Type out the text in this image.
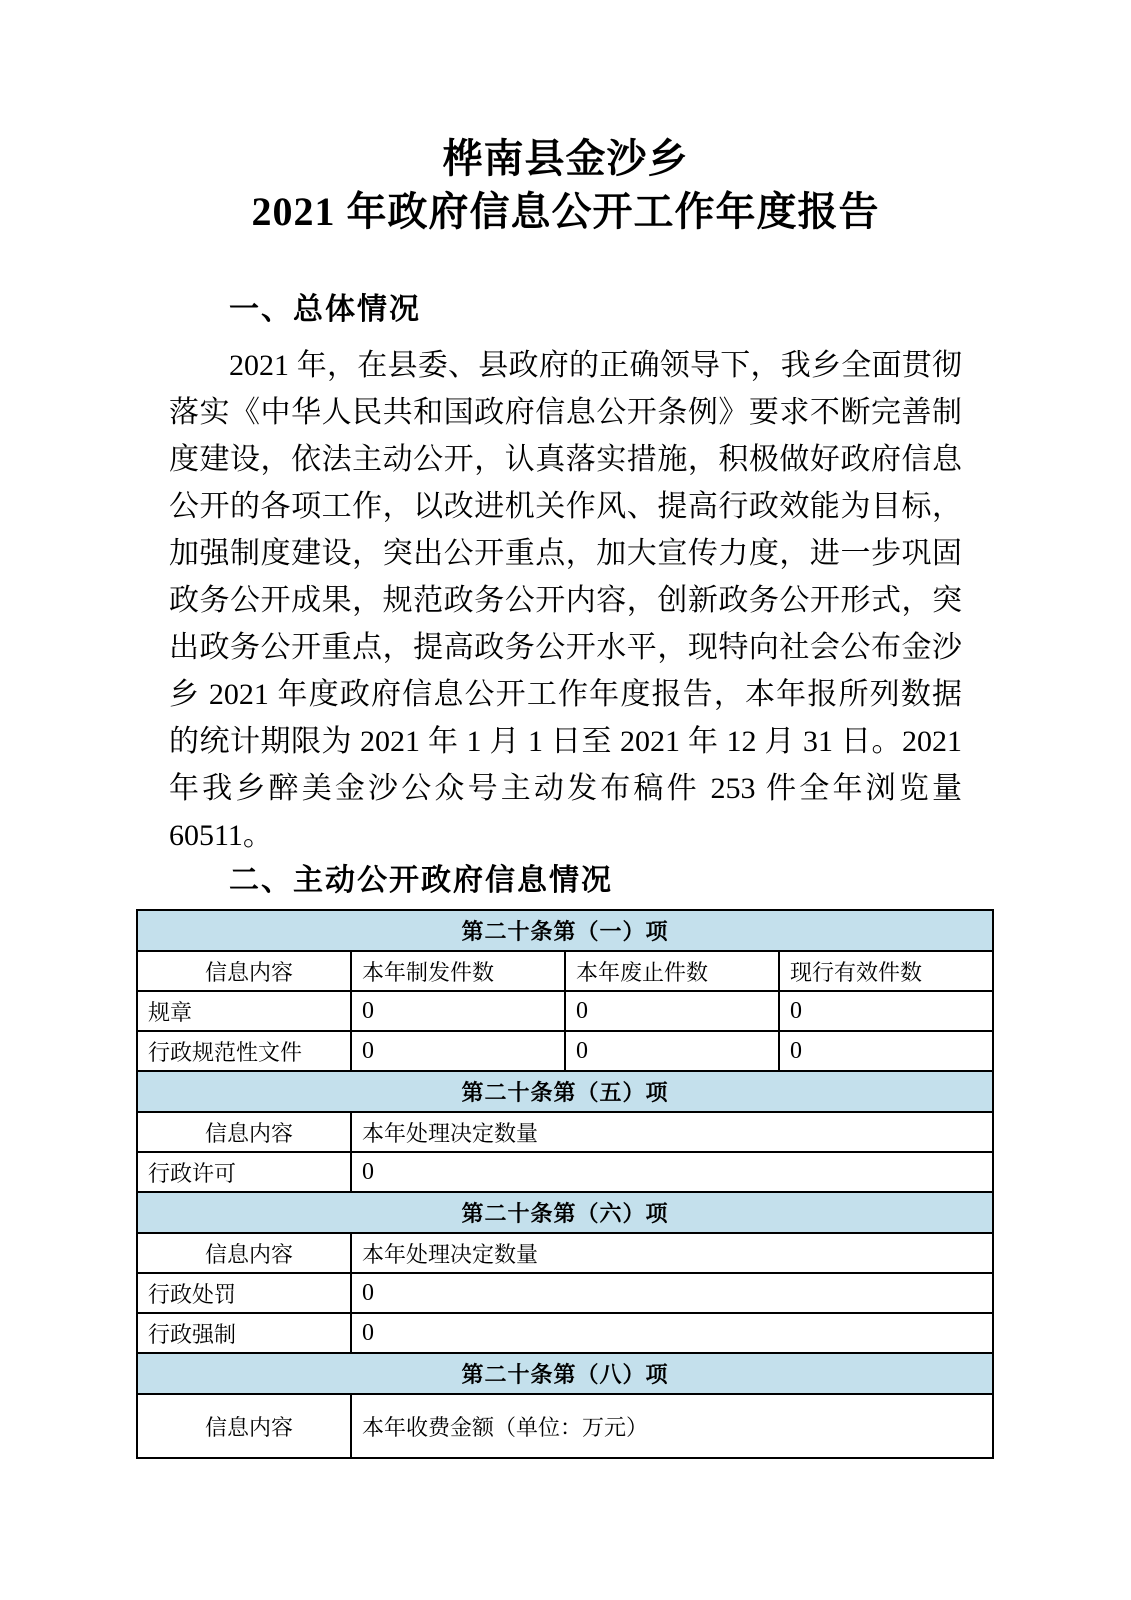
桦南县金沙乡
2021 年政府信息公开工作年度报告
一、总体情况
2021 年，在县委、县政府的正确领导下，我乡全面贯彻
落实《中华人民共和国政府信息公开条例》要求不断完善制
度建设，依法主动公开，认真落实措施，积极做好政府信息
公开的各项工作，以改进机关作风、提高行政效能为目标，
加强制度建设，突出公开重点，加大宣传力度，进一步巩固
政务公开成果，规范政务公开内容，创新政务公开形式，突
出政务公开重点，提高政务公开水平，现特向社会公布金沙
乡 2021 年度政府信息公开工作年度报告，本年报所列数据
的统计期限为 2021 年 1 月 1 日至 2021 年 12 月 31 日。2021
年我乡醉美金沙公众号主动发布稿件 253 件全年浏览量
60511。
二、主动公开政府信息情况
第二十条第（一）项			
信息内容	本年制发件数	本年废止件数	现行有效件数
规章	0	0	0
行政规范性文件	0	0	0
第二十条第（五）项			
信息内容	本年处理决定数量		
行政许可	0		
第二十条第（六）项			
信息内容	本年处理决定数量		
行政处罚	0		
行政强制	0		
第二十条第（八）项			
信息内容	本年收费金额（单位：万元）		
